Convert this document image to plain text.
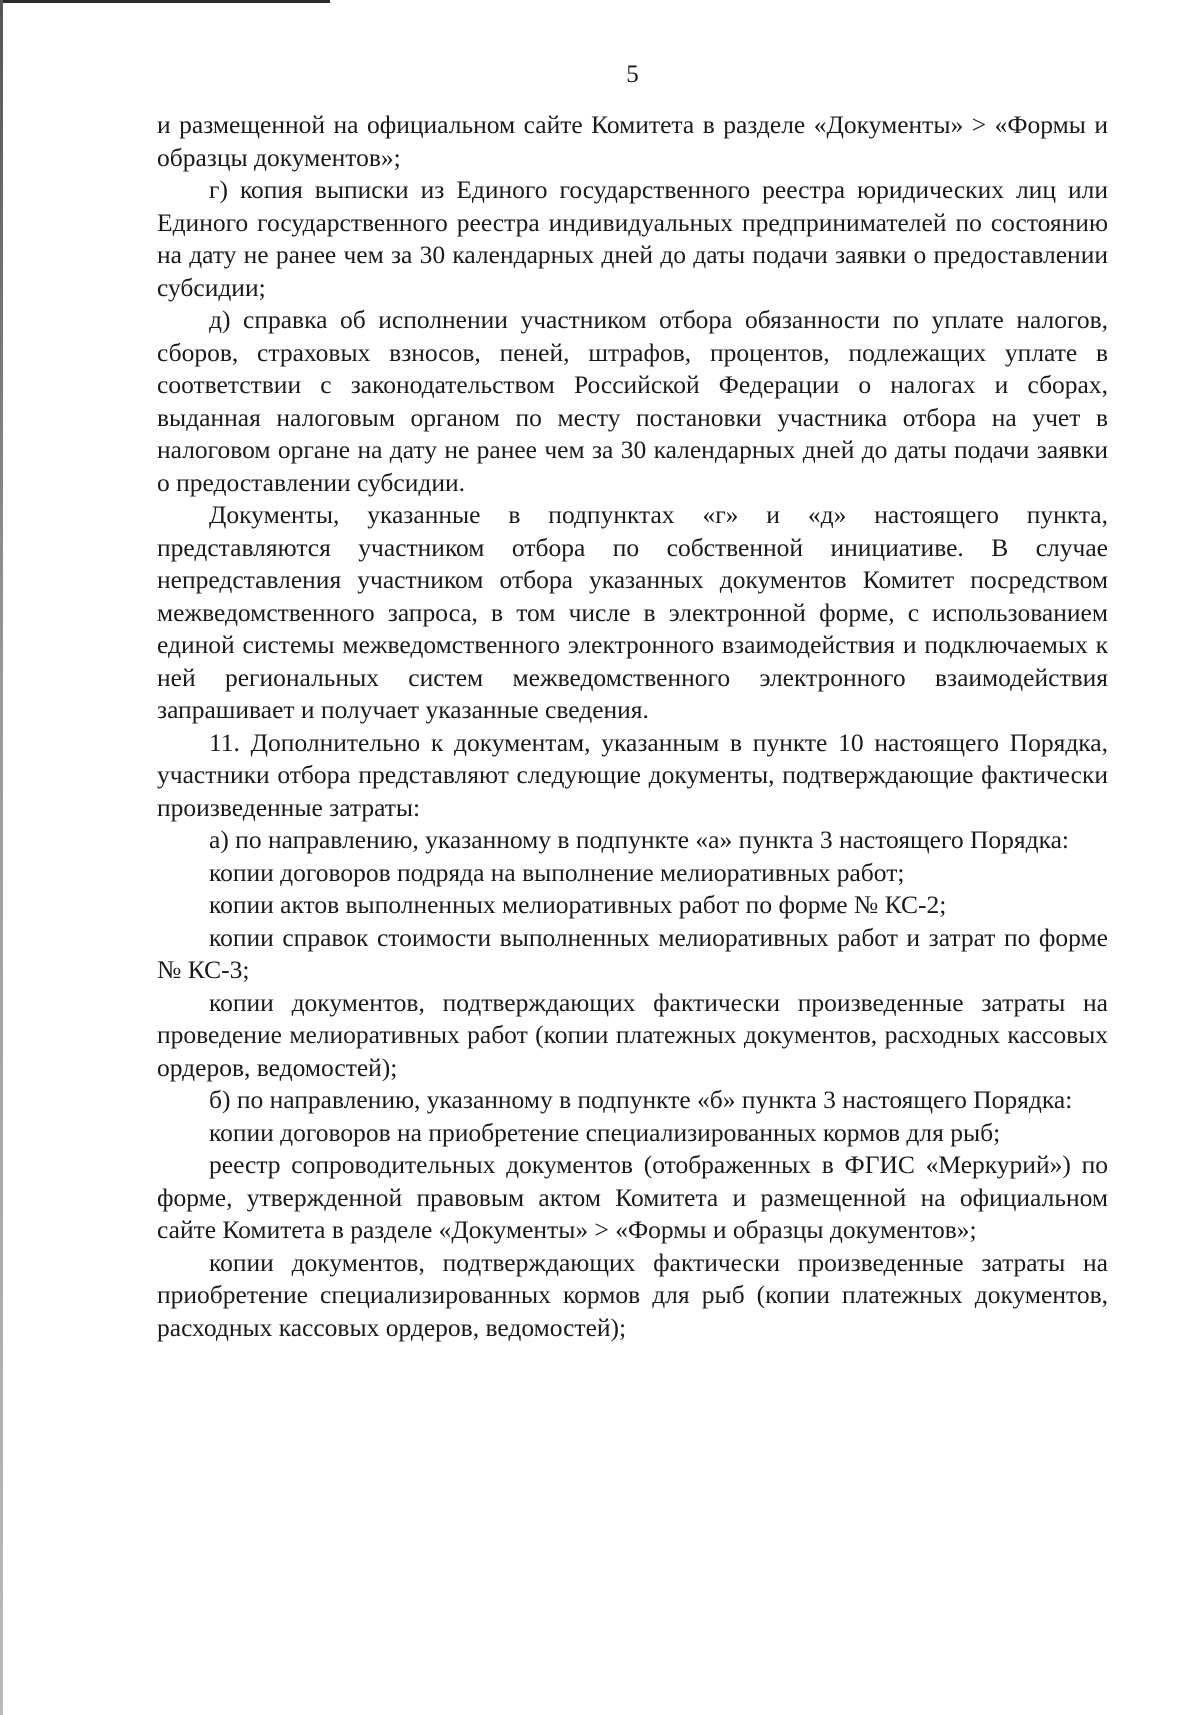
5

и размещенной на официальном сайте Комитета в разделе «Документы» > «Формы и образцы документов»;

г) копия выписки из Единого государственного реестра юридических лиц или Единого государственного реестра индивидуальных предпринимателей по состоянию на дату не ранее чем за 30 календарных дней до даты подачи заявки о предоставлении субсидии;

д) справка об исполнении участником отбора обязанности по уплате налогов, сборов, страховых взносов, пеней, штрафов, процентов, подлежащих уплате в соответствии с законодательством Российской Федерации о налогах и сборах, выданная налоговым органом по месту постановки участника отбора на учет в налоговом органе на дату не ранее чем за 30 календарных дней до даты подачи заявки о предоставлении субсидии.

Документы, указанные в подпунктах «г» и «д» настоящего пункта, представляются участником отбора по собственной инициативе. В случае непредставления участником отбора указанных документов Комитет посредством межведомственного запроса, в том числе в электронной форме, с использованием единой системы межведомственного электронного взаимодействия и подключаемых к ней региональных систем межведомственного электронного взаимодействия запрашивает и получает указанные сведения.

11. Дополнительно к документам, указанным в пункте 10 настоящего Порядка, участники отбора представляют следующие документы, подтверждающие фактически произведенные затраты:

а) по направлению, указанному в подпункте «а» пункта 3 настоящего Порядка:

копии договоров подряда на выполнение мелиоративных работ;

копии актов выполненных мелиоративных работ по форме № КС-2;

копии справок стоимости выполненных мелиоративных работ и затрат по форме № КС-3;

копии документов, подтверждающих фактически произведенные затраты на проведение мелиоративных работ (копии платежных документов, расходных кассовых ордеров, ведомостей);

б) по направлению, указанному в подпункте «б» пункта 3 настоящего Порядка:

копии договоров на приобретение специализированных кормов для рыб;

реестр сопроводительных документов (отображенных в ФГИС «Меркурий») по форме, утвержденной правовым актом Комитета и размещенной на официальном сайте Комитета в разделе «Документы» > «Формы и образцы документов»;

копии документов, подтверждающих фактически произведенные затраты на приобретение специализированных кормов для рыб (копии платежных документов, расходных кассовых ордеров, ведомостей);
